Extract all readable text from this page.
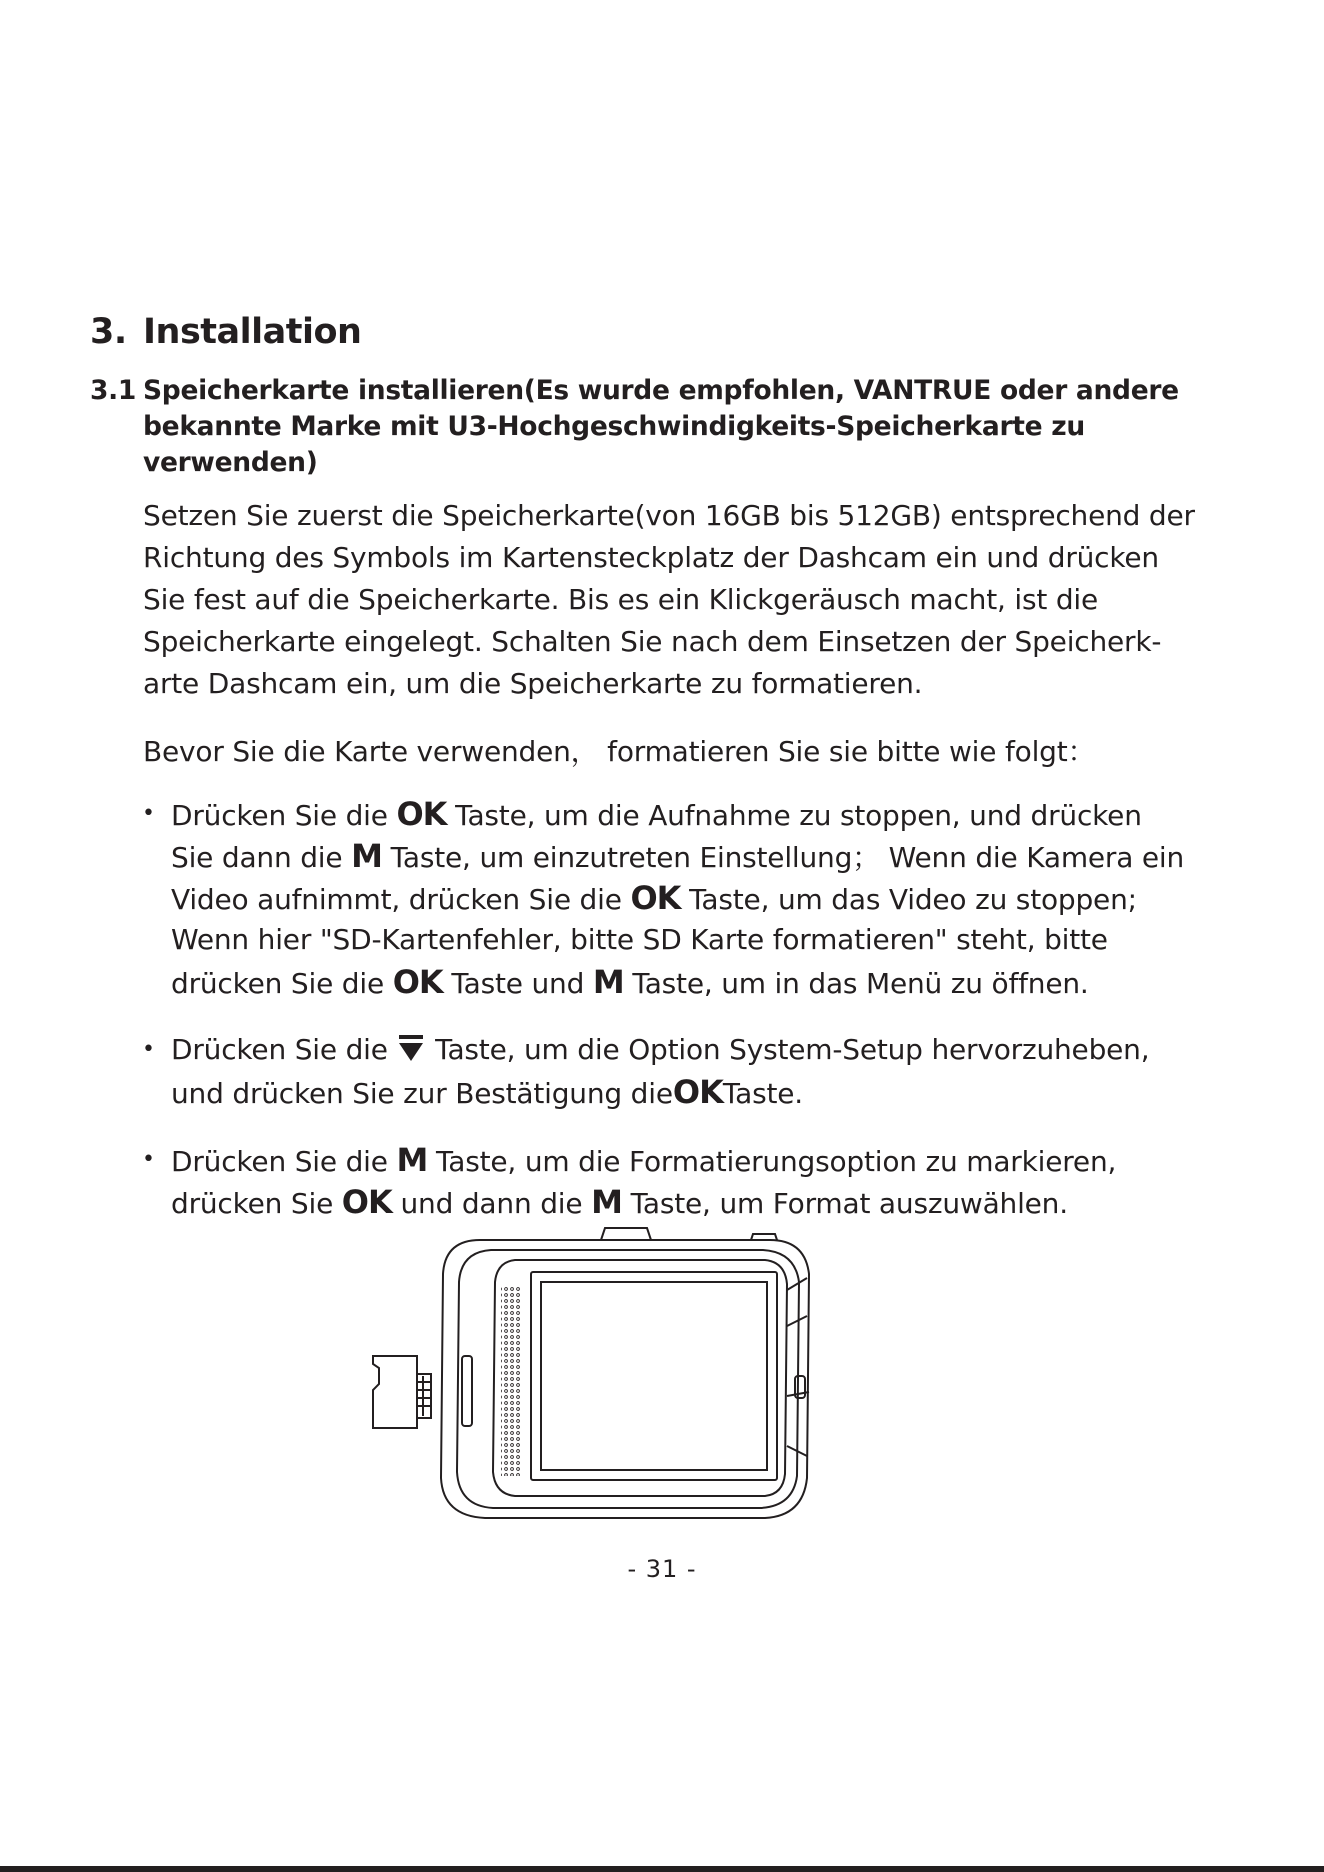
3. Installation
3.1 Speicherkarte installieren(Es wurde empfohlen, VANTRUE oder andere
bekannte Marke mit U3-Hochgeschwindigkeits-Speicherkarte zu
verwenden)
Setzen Sie zuerst die Speicherkarte(von 16GB bis 512GB) entsprechend der
Richtung des Symbols im Kartensteckplatz der Dashcam ein und drücken
Sie fest auf die Speicherkarte. Bis es ein Klickgeräusch macht, ist die
Speicherkarte eingelegt. Schalten Sie nach dem Einsetzen der Speicherk-
arte Dashcam ein, um die Speicherkarte zu formatieren.
Bevor Sie die Karte verwenden， formatieren Sie sie bitte wie folgt：
• Drücken Sie die OK Taste, um die Aufnahme zu stoppen, und drücken
Sie dann die M Taste, um einzutreten Einstellung； Wenn die Kamera ein
Video aufnimmt, drücken Sie die OK Taste, um das Video zu stoppen;
Wenn hier "SD-Kartenfehler, bitte SD Karte formatieren" steht, bitte
drücken Sie die OK Taste und M Taste, um in das Menü zu öffnen.
• Drücken Sie die  Taste, um die Option System-Setup hervorzuheben,
und drücken Sie zur Bestätigung dieOKTaste.
• Drücken Sie die M Taste, um die Formatierungsoption zu markieren,
drücken Sie OK und dann die M Taste, um Format auszuwählen.
- 31 -
